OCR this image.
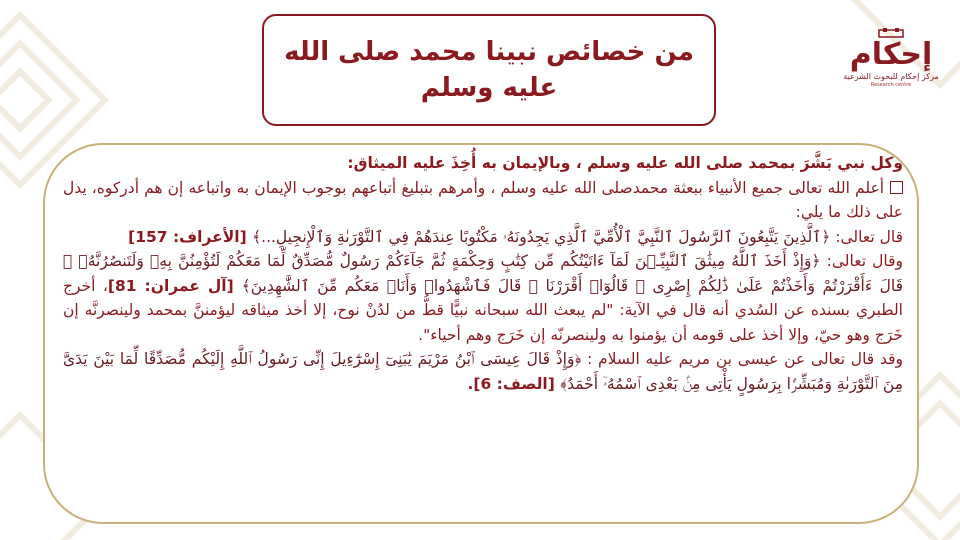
من خصائص نبينا محمد صلى الله
عليه وسلم
إحكام
مركز إحكام للبحوث الشرعية
Research centre

وكل نبي بَشَّرَ بمحمد صلى الله عليه وسلم ، وبالإيمان به أُخِذَ عليه الميثاق:

أعلم الله تعالى جميع الأنبياء ببعثة محمدصلى الله عليه وسلم ، وأمرهم بتبليغ أتباعهم بوجوب الإيمان به واتباعه إن هم أدركوه، يدل على ذلك ما يلي:

قال تعالى: ﴿ٱلَّذِينَ يَتَّبِعُونَ ٱلرَّسُولَ ٱلنَّبِيَّ ٱلْأُمِّيَّ ٱلَّذِي يَجِدُونَهُۥ مَكْتُوبًا عِندَهُمْ فِي ٱلتَّوْرَىٰةِ وَٱلْإِنجِيلِ...﴾ [الأعراف: 157]

وقال تعالى: ﴿وَإِذْ أَخَذَ ٱللَّهُ مِيثَٰقَ ٱلنَّبِيِّـۧنَ لَمَآ ءَاتَيْتُكُم مِّن كِتَٰبٍ وَحِكْمَةٍ ثُمَّ جَآءَكُمْ رَسُولٌ مُّصَدِّقٌ لِّمَا مَعَكُمْ لَتُؤْمِنُنَّ بِهِۦ وَلَتَنصُرُنَّهُۥ ۚ قَالَ ءَأَقْرَرْتُمْ وَأَخَذْتُمْ عَلَىٰ ذَٰلِكُمْ إِصْرِى ۖ قَالُوٓا۟ أَقْرَرْنَا ۚ قَالَ فَٱشْهَدُوا۟ وَأَنَا۠ مَعَكُم مِّنَ ٱلشَّٰهِدِينَ﴾ [آل عمران: 81]، أخرج الطبري بسنده عن السُدي أنه قال في الآية: "لم يبعث الله سبحانه نبيًّا قطُّ من لدُنْ نوح، إلا أخذ ميثاقه ليؤمننَّ بمحمد ولينصرنَّه إن خَرَج وهو حيّ، وإلا أخذ على قومه أن يؤمنوا به ولينصرنّه إن خَرَج وهم أحياء".

وقد قال تعالى عن عيسى بن مريم عليه السلام : ﴿وَإِذْ قَالَ عِيسَى ٱبْنُ مَرْيَمَ يَٰبَنِىٓ إِسْرَٰٓءِيلَ إِنِّى رَسُولُ ٱللَّهِ إِلَيْكُم مُّصَدِّقًا لِّمَا بَيْنَ يَدَىَّ مِنَ ٱلتَّوْرَىٰةِ وَمُبَشِّرًۢا بِرَسُولٍ يَأْتِى مِنۢ بَعْدِى ٱسْمُهُۥٓ أَحْمَدُ﴾ [الصف: 6].
